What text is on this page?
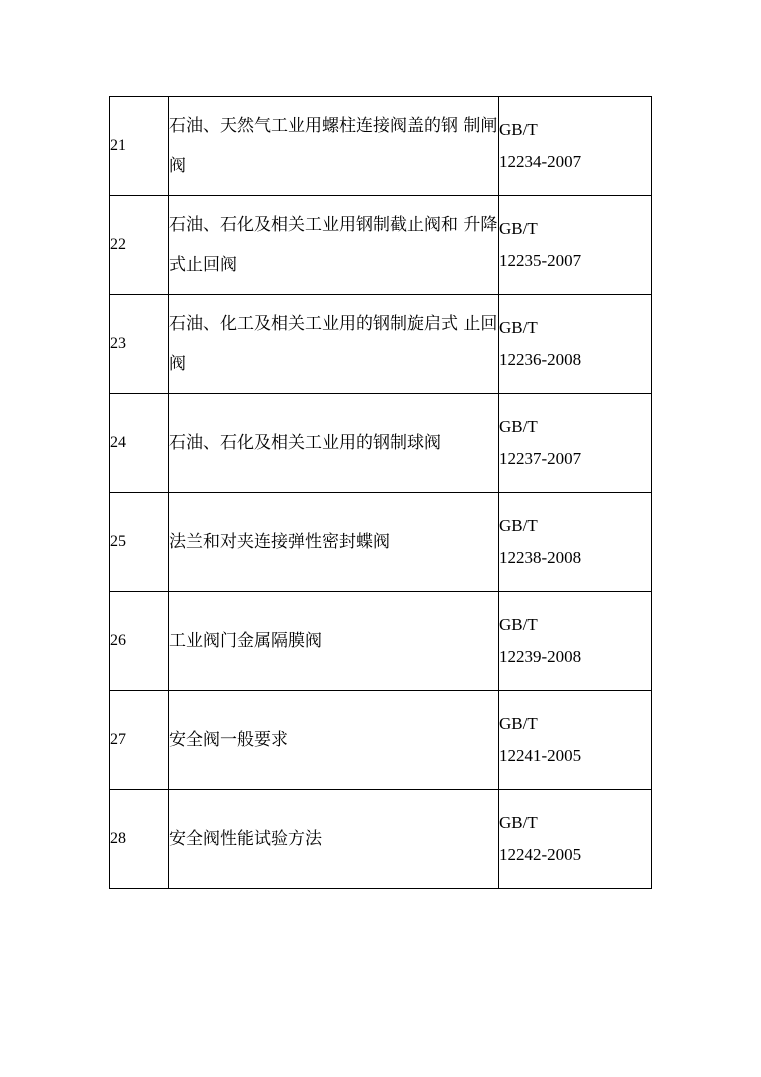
21	石油、天然气工业用螺柱连接阀盖的钢 制闸阀	GB/T
12234-2007

22	石油、石化及相关工业用钢制截止阀和 升降式止回阀	GB/T
12235-2007

23	石油、化工及相关工业用的钢制旋启式 止回阀	GB/T
12236-2008

24	石油、石化及相关工业用的钢制球阀	GB/T
12237-2007

25	法兰和对夹连接弹性密封蝶阀	GB/T
12238-2008

26	工业阀门金属隔膜阀	GB/T
12239-2008

27	安全阀一般要求	GB/T
12241-2005

28	安全阀性能试验方法	GB/T
12242-2005
